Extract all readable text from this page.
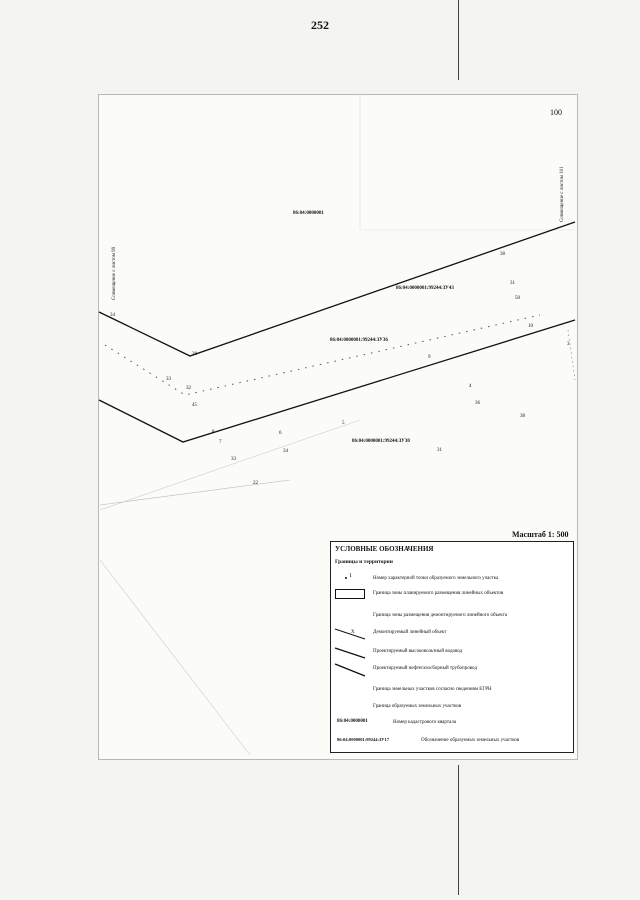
252
100
Совмещение с листом 99
Совмещение с листом 101
86:04:0000001
86:04:0000001:99244:ЗУ43
86:04:0000001:99244:ЗУ36
86:04:0000001:99244:ЗУ30
38
31
50
34
10
3
28
33
32
45
9
4
36
38
6
5
8
7
34
33
31
22
Масштаб 1: 500
УСЛОВНЫЕ ОБОЗНАЧЕНИЯ
Границы и территории
1	Номер характерной точки образуемого земельного участка
Граница зоны планируемого размещения линейных объектов
Граница зоны размещения демонтируемого линейного объекта
Х	Демонтируемый линейный объект
Проектируемый высоковольтный водовод
Проектируемый нефтегазосборный трубопровод
Граница земельных участков согласно сведениям ЕГРН
Граница образуемых земельных участков
86:04:0000001	Номер кадастрового квартала
86:04:0000001:99244:ЗУ17	Обозначение образуемых земельных участков
